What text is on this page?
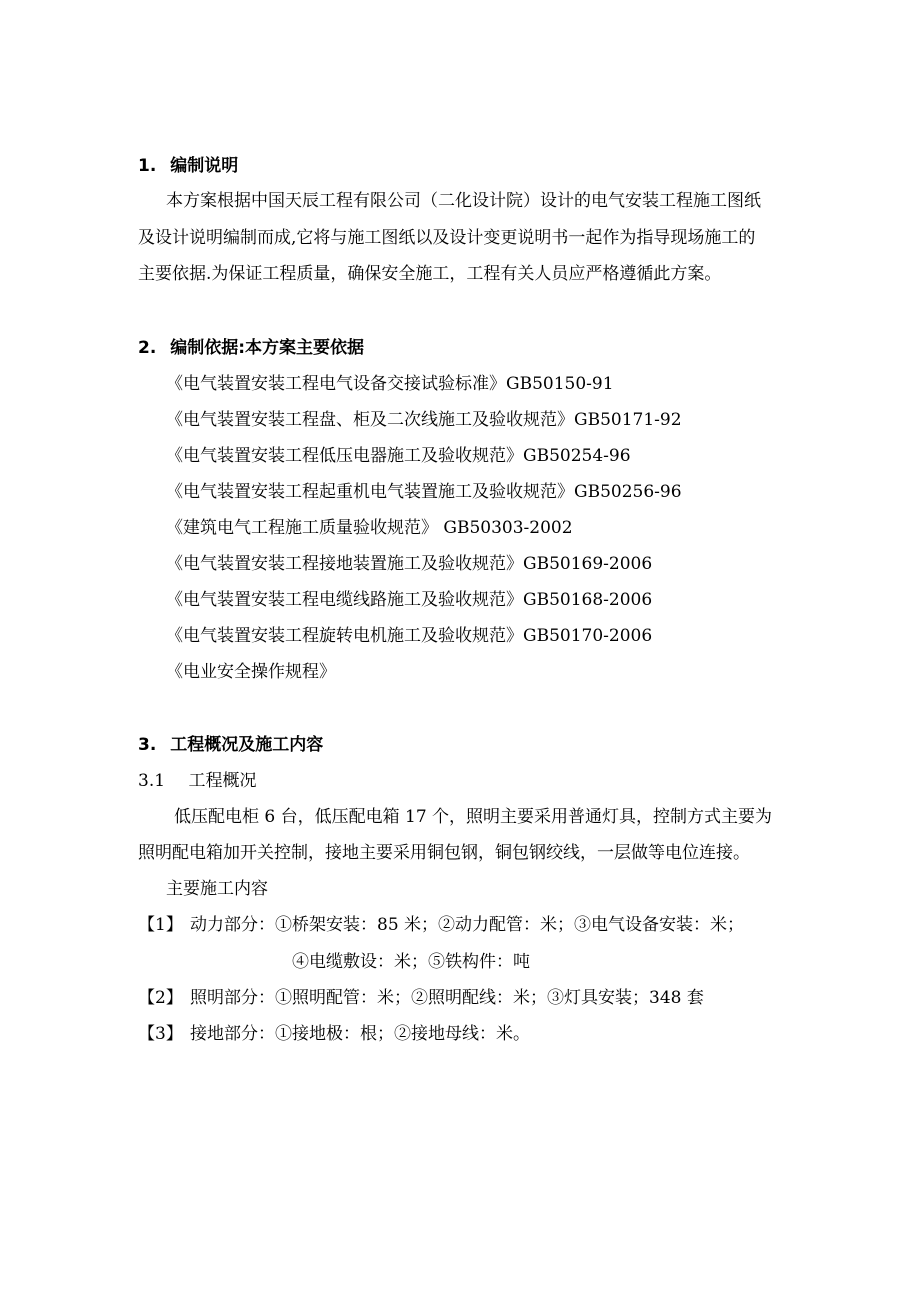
1. 编制说明
本方案根据中国天辰工程有限公司（二化设计院）设计的电气安装工程施工图纸
及设计说明编制而成,它将与施工图纸以及设计变更说明书一起作为指导现场施工的
主要依据.为保证工程质量，确保安全施工，工程有关人员应严格遵循此方案。
2. 编制依据:本方案主要依据
《电气装置安装工程电气设备交接试验标准》GB50150-91
《电气装置安装工程盘、柜及二次线施工及验收规范》GB50171-92
《电气装置安装工程低压电器施工及验收规范》GB50254-96
《电气装置安装工程起重机电气装置施工及验收规范》GB50256-96
《建筑电气工程施工质量验收规范》 GB50303-2002
《电气装置安装工程接地装置施工及验收规范》GB50169-2006
《电气装置安装工程电缆线路施工及验收规范》GB50168-2006
《电气装置安装工程旋转电机施工及验收规范》GB50170-2006
《电业安全操作规程》
3. 工程概况及施工内容
3.1 工程概况
低压配电柜 6 台，低压配电箱 17 个，照明主要采用普通灯具，控制方式主要为
照明配电箱加开关控制，接地主要采用铜包钢，铜包钢绞线，一层做等电位连接。
主要施工内容
【1】 动力部分：①桥架安装：85 米；②动力配管：米；③电气设备安装：米；
④电缆敷设：米；⑤铁构件：吨
【2】 照明部分：①照明配管：米；②照明配线：米；③灯具安装；348 套
【3】 接地部分：①接地极：根；②接地母线：米。
